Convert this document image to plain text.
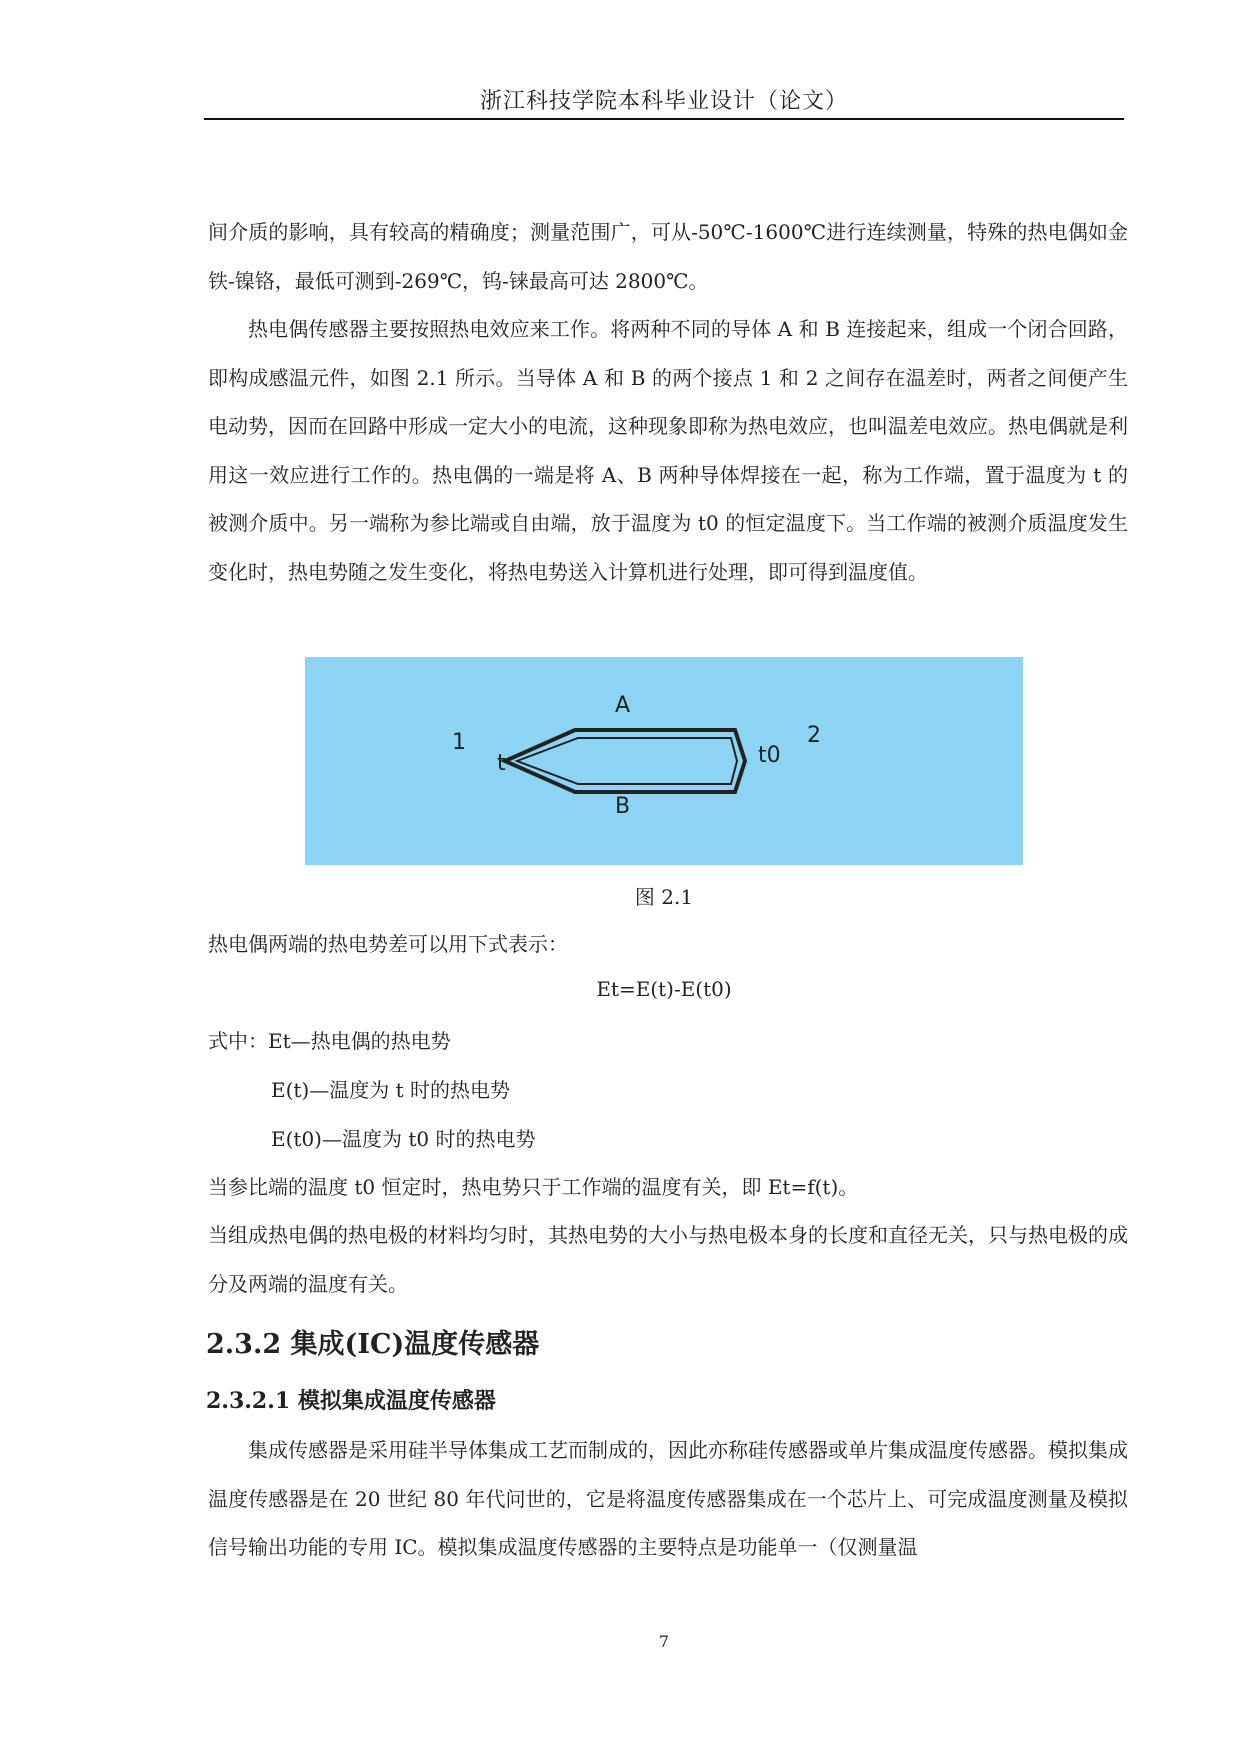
浙江科技学院本科毕业设计（论文）

间介质的影响，具有较高的精确度；测量范围广，可从-50℃-1600℃进行连续测量，特殊的热电偶如金铁-镍铬，最低可测到-269℃，钨-铼最高可达 2800℃。

热电偶传感器主要按照热电效应来工作。将两种不同的导体 A 和 B 连接起来，组成一个闭合回路，即构成感温元件，如图 2.1 所示。当导体 A 和 B 的两个接点 1 和 2 之间存在温差时，两者之间便产生电动势，因而在回路中形成一定大小的电流，这种现象即称为热电效应，也叫温差电效应。热电偶就是利用这一效应进行工作的。热电偶的一端是将 A、B 两种导体焊接在一起，称为工作端，置于温度为 t 的被测介质中。另一端称为参比端或自由端，放于温度为 t0 的恒定温度下。当工作端的被测介质温度发生变化时，热电势随之发生变化，将热电势送入计算机进行处理，即可得到温度值。

A
B
1	2
t	t0
图 2.1
热电偶两端的热电势差可以用下式表示：
Et=E(t)-E(t0)
式中：Et—热电偶的热电势
E(t)—温度为 t 时的热电势
E(t0)—温度为 t0 时的热电势
当参比端的温度 t0 恒定时，热电势只于工作端的温度有关，即 Et=f(t)。

当组成热电偶的热电极的材料均匀时，其热电势的大小与热电极本身的长度和直径无关，只与热电极的成分及两端的温度有关。

2.3.2 集成(IC)温度传感器
2.3.2.1 模拟集成温度传感器

集成传感器是采用硅半导体集成工艺而制成的，因此亦称硅传感器或单片集成温度传感器。模拟集成温度传感器是在 20 世纪 80 年代问世的，它是将温度传感器集成在一个芯片上、可完成温度测量及模拟信号输出功能的专用 IC。模拟集成温度传感器的主要特点是功能单一（仅测量温

7
